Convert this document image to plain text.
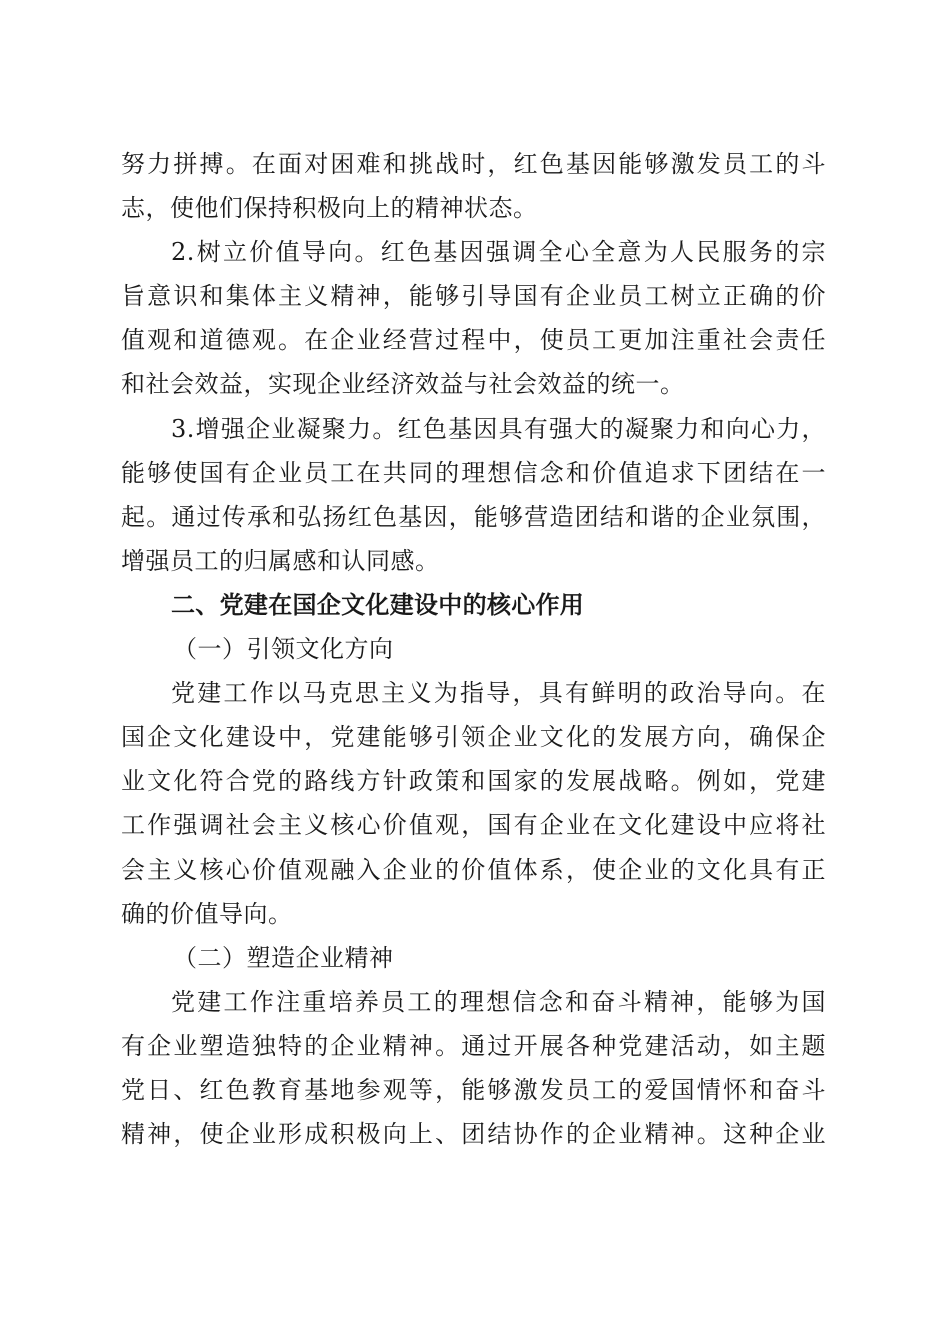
努力拼搏。在面对困难和挑战时，红色基因能够激发员工的斗
志，使他们保持积极向上的精神状态。
2.树立价值导向。红色基因强调全心全意为人民服务的宗
旨意识和集体主义精神，能够引导国有企业员工树立正确的价
值观和道德观。在企业经营过程中，使员工更加注重社会责任
和社会效益，实现企业经济效益与社会效益的统一。
3.增强企业凝聚力。红色基因具有强大的凝聚力和向心力，
能够使国有企业员工在共同的理想信念和价值追求下团结在一
起。通过传承和弘扬红色基因，能够营造团结和谐的企业氛围，
增强员工的归属感和认同感。
二、党建在国企文化建设中的核心作用
（一）引领文化方向
党建工作以马克思主义为指导，具有鲜明的政治导向。在
国企文化建设中，党建能够引领企业文化的发展方向，确保企
业文化符合党的路线方针政策和国家的发展战略。例如，党建
工作强调社会主义核心价值观，国有企业在文化建设中应将社
会主义核心价值观融入企业的价值体系，使企业的文化具有正
确的价值导向。
（二）塑造企业精神
党建工作注重培养员工的理想信念和奋斗精神，能够为国
有企业塑造独特的企业精神。通过开展各种党建活动，如主题
党日、红色教育基地参观等，能够激发员工的爱国情怀和奋斗
精神，使企业形成积极向上、团结协作的企业精神。这种企业
